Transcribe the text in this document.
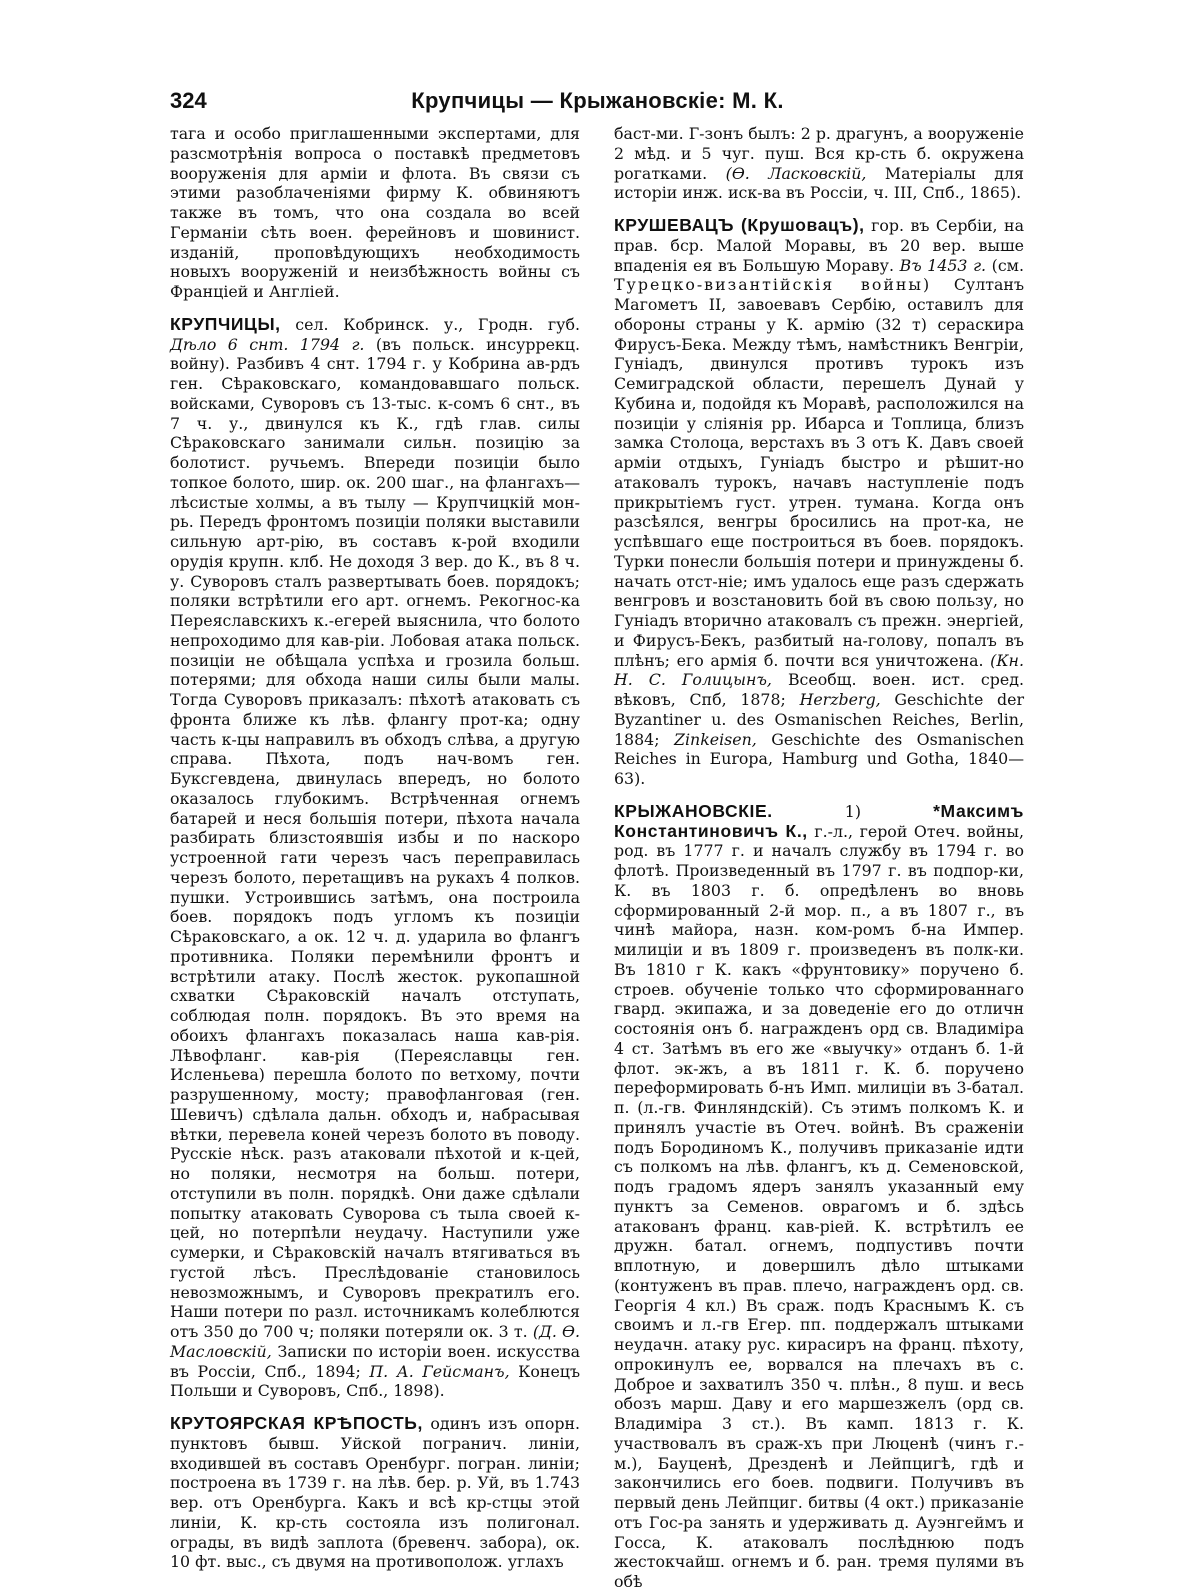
324	Крупчицы — Крыжановскіе: М. К.

тага и особо приглашенными экспертами, для разсмотрѣнія вопроса о поставкѣ предметовъ вооруженія для арміи и флота. Въ связи съ этими разоблаченіями фирму К. обвиняютъ также въ томъ, что она создала во всей Германіи сѣть воен. ферейновъ и шовинист. изданій, проповѣдующихъ необходимость новыхъ вооруженій и неизбѣжность войны съ Франціей и Англіей.

КРУПЧИЦЫ, сел. Кобринск. у., Гродн. губ. Дѣло 6 снт. 1794 г. (въ польск. инсуррекц. войну). Разбивъ 4 снт. 1794 г. у Кобрина ав-рдъ ген. Сѣраковскаго, командовавшаго польск. войсками, Суворовъ съ 13-тыс. к-сомъ 6 снт., въ 7 ч. у., двинулся къ К., гдѣ глав. силы Сѣраковскаго занимали сильн. позицію за болотист. ручьемъ. Впереди позиціи было топкое болото, шир. ок. 200 шаг., на флангахъ—лѣсистые холмы, а въ тылу — Крупчицкій мон-рь. Передъ фронтомъ позиціи поляки выставили сильную арт-рію, въ составъ к-рой входили орудія крупн. клб. Не доходя 3 вер. до К., въ 8 ч. у. Суворовъ сталъ развертывать боев. порядокъ; поляки встрѣтили его арт. огнемъ. Рекогнос-ка Переяславскихъ к.-егерей выяснила, что болото непроходимо для кав-ріи. Лобовая атака польск. позиціи не обѣщала успѣха и грозила больш. потерями; для обхода наши силы были малы. Тогда Суворовъ приказалъ: пѣхотѣ атаковать съ фронта ближе къ лѣв. флангу прот-ка; одну часть к-цы направилъ въ обходъ слѣва, а другую справа. Пѣхота, подъ нач-вомъ ген. Буксгевдена, двинулась впередъ, но болото оказалось глубокимъ. Встрѣченная огнемъ батарей и неся большія потери, пѣхота начала разбирать близстоявшія избы и по наскоро устроенной гати черезъ часъ переправилась черезъ болото, перетащивъ на рукахъ 4 полков. пушки. Устроившись затѣмъ, она построила боев. порядокъ подъ угломъ къ позиціи Сѣраковскаго, а ок. 12 ч. д. ударила во флангъ противника. Поляки перемѣнили фронтъ и встрѣтили атаку. Послѣ жесток. рукопашной схватки Сѣраковскій началъ отступать, соблюдая полн. порядокъ. Въ это время на обоихъ флангахъ показалась наша кав-рія. Лѣвофланг. кав-рія (Переяславцы ген. Исленьева) перешла болото по ветхому, почти разрушенному, мосту; правофланговая (ген. Шевичъ) сдѣлала дальн. обходъ и, набрасывая вѣтки, перевела коней черезъ болото въ поводу. Русскіе нѣск. разъ атаковали пѣхотой и к-цей, но поляки, несмотря на больш. потери, отступили въ полн. порядкѣ. Они даже сдѣлали попытку атаковать Суворова съ тыла своей к-цей, но потерпѣли неудачу. Наступили уже сумерки, и Сѣраковскій началъ втягиваться въ густой лѣсъ. Преслѣдованіе становилось невозможнымъ, и Суворовъ прекратилъ его. Наши потери по разл. источникамъ колеблются отъ 350 до 700 ч; поляки потеряли ок. 3 т. (Д. Ѳ. Масловскій, Записки по исторіи воен. искусства въ Россіи, Спб., 1894; П. А. Гейсманъ, Конецъ Польши и Суворовъ, Спб., 1898).

КРУТОЯРСКАЯ КРѢПОСТЬ, одинъ изъ опорн. пунктовъ бывш. Уйской погранич. линіи, входившей въ составъ Оренбург. погран. линіи; построена въ 1739 г. на лѣв. бер. р. Уй, въ 1.743 вер. отъ Оренбурга. Какъ и всѣ кр-стцы этой линіи, К. кр-сть состояла изъ полигонал. ограды, въ видѣ заплота (бревенч. забора), ок. 10 фт. выс., съ двумя на противополож. углахъ

баст-ми. Г-зонъ былъ: 2 р. драгунъ, а вооруженіе 2 мѣд. и 5 чуг. пуш. Вся кр-сть б. окружена рогатками. (Ѳ. Ласковскій, Матеріалы для исторіи инж. иск-ва въ Россіи, ч. III, Спб., 1865).

КРУШЕВАЦЪ (Крушовацъ), гор. въ Сербіи, на прав. бср. Малой Моравы, въ 20 вер. выше впаденія ея въ Большую Мораву. Въ 1453 г. (см. Турецко-византійскія войны) Султанъ Магометъ II, завоевавъ Сербію, оставилъ для обороны страны у К. армію (32 т) сераскира Фирусъ-Бека. Между тѣмъ, намѣстникъ Венгріи, Гуніадъ, двинулся противъ турокъ изъ Семиградской области, перешелъ Дунай у Кубина и, подойдя къ Моравѣ, расположился на позиціи у сліянія рр. Ибарса и Топлица, близъ замка Столоца, верстахъ въ 3 отъ К. Давъ своей арміи отдыхъ, Гуніадъ быстро и рѣшит-но атаковалъ турокъ, начавъ наступленіе подъ прикрытіемъ густ. утрен. тумана. Когда онъ разсѣялся, венгры бросились на прот-ка, не успѣвшаго еще построиться въ боев. порядокъ. Турки понесли большія потери и принуждены б. начать отст-ніе; имъ удалось еще разъ сдержать венгровъ и возстановить бой въ свою пользу, но Гуніадъ вторично атаковалъ съ прежн. энергіей, и Фирусъ-Бекъ, разбитый на-голову, попалъ въ плѣнъ; его армія б. почти вся уничтожена. (Кн. Н. С. Голицынъ, Всеобщ. воен. ист. сред. вѣковъ, Спб, 1878; Herzberg, Geschichte der Byzantiner u. des Osmanischen Reiches, Berlin, 1884; Zinkeisen, Geschichte des Osmanischen Reiches in Europa, Hamburg und Gotha, 1840—63).

КРЫЖАНОВСКІЕ. 1) *Максимъ Константиновичъ К., г.-л., герой Отеч. войны, род. въ 1777 г. и началъ службу въ 1794 г. во флотѣ. Произведенный въ 1797 г. въ подпор-ки, К. въ 1803 г. б. опредѣленъ во вновь сформированный 2-й мор. п., а въ 1807 г., въ чинѣ майора, назн. ком-ромъ б-на Импер. милиціи и въ 1809 г. произведенъ въ полк-ки. Въ 1810 г К. какъ «фрунтовику» поручено б. строев. обученіе только что сформированнаго гвард. экипажа, и за доведеніе его до отличн состоянія онъ б. награжденъ орд св. Владиміра 4 ст. Затѣмъ въ его же «выучку» отданъ б. 1-й флот. эк-жъ, а въ 1811 г. К. б. поручено переформировать б-нъ Имп. милиціи въ 3-батал. п. (л.-гв. Финляндскій). Съ этимъ полкомъ К. и принялъ участіе въ Отеч. войнѣ. Въ сраженіи подъ Бородиномъ К., получивъ приказаніе идти съ полкомъ на лѣв. флангъ, къ д. Семеновской, подъ градомъ ядеръ занялъ указанный ему пунктъ за Семенов. оврагомъ и б. здѣсь атакованъ франц. кав-ріей. К. встрѣтилъ ее дружн. батал. огнемъ, подпустивъ почти вплотную, и довершилъ дѣло штыками (контуженъ въ прав. плечо, награжденъ орд. св. Георгія 4 кл.) Въ сраж. подъ Краснымъ К. съ своимъ и л.-гв Егер. пп. поддержалъ штыками неудачн. атаку рус. кирасиръ на франц. пѣхоту, опрокинулъ ее, ворвался на плечахъ въ с. Доброе и захватилъ 350 ч. плѣн., 8 пуш. и весь обозъ марш. Даву и его маршезжелъ (орд св. Владиміра 3 ст.). Въ камп. 1813 г. К. участвовалъ въ сраж-хъ при Люценѣ (чинъ г.-м.), Бауценѣ, Дрезденѣ и Лейпцигѣ, гдѣ и закончились его боев. подвиги. Получивъ въ первый день Лейпциг. битвы (4 окт.) приказаніе отъ Гос-ра занять и удерживать д. Ауэнгеймъ и Госса, К. атаковалъ послѣднюю подъ жестокчайш. огнемъ и б. ран. тремя пулями въ обѣ
